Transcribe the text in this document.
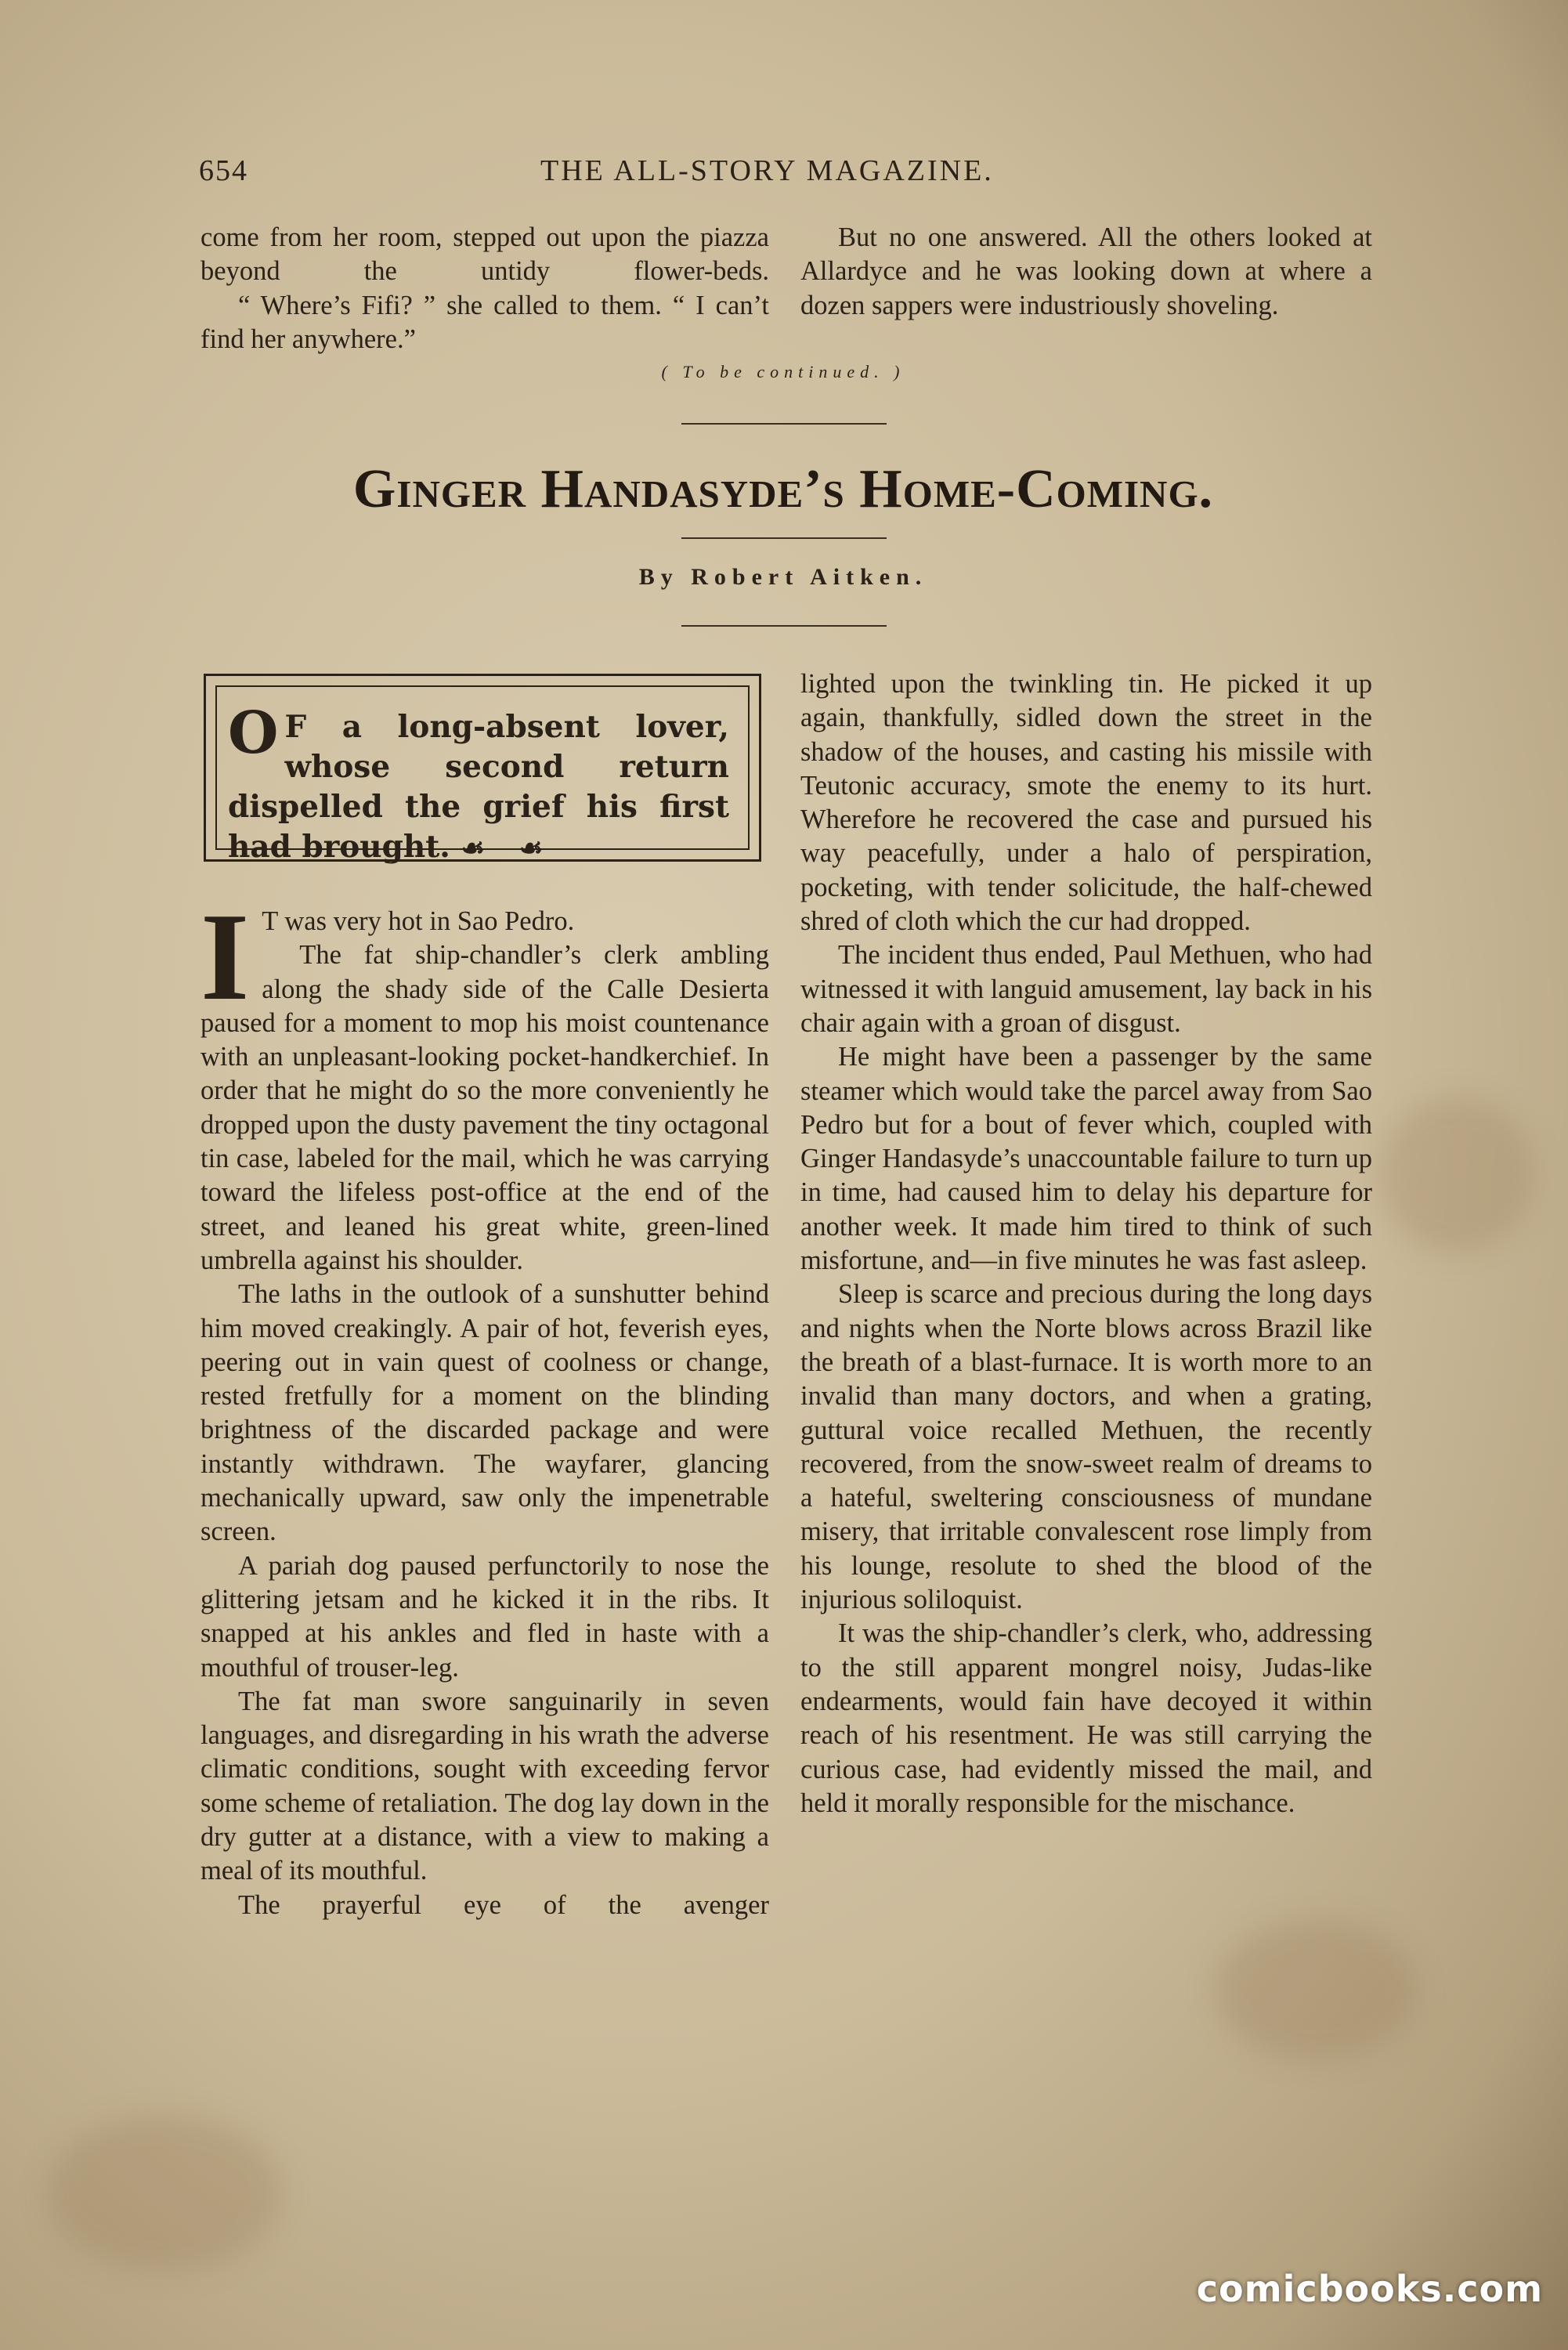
654	THE ALL-STORY MAGAZINE.

come from her room, stepped out upon the piazza beyond the untidy flower-beds.

“ Where’s Fifi? ” she called to them. “ I can’t find her anywhere.”

But no one answered. All the others looked at Allardyce and he was looking down at where a dozen sappers were industriously shoveling.

( To be continued. )
Ginger Handasyde’s Home-Coming.
By Robert Aitken.
O F a long-absent lover, whose second return dispelled the grief his first had brought. ☙ ☙
I T was very hot in Sao Pedro.

The fat ship-chandler’s clerk ambling along the shady side of the Calle Desierta paused for a moment to mop his moist countenance with an unpleasant-looking pocket-handkerchief. In order that he might do so the more conveniently he dropped upon the dusty pavement the tiny octagonal tin case, labeled for the mail, which he was carrying toward the lifeless post-office at the end of the street, and leaned his great white, green-lined umbrella against his shoulder.

The laths in the outlook of a sunshutter behind him moved creakingly. A pair of hot, feverish eyes, peering out in vain quest of coolness or change, rested fretfully for a moment on the blinding brightness of the discarded package and were instantly withdrawn. The wayfarer, glancing mechanically upward, saw only the impenetrable screen.

A pariah dog paused perfunctorily to nose the glittering jetsam and he kicked it in the ribs. It snapped at his ankles and fled in haste with a mouthful of trouser-leg.

The fat man swore sanguinarily in seven languages, and disregarding in his wrath the adverse climatic conditions, sought with exceeding fervor some scheme of retaliation. The dog lay down in the dry gutter at a distance, with a view to making a meal of its mouthful.

The prayerful eye of the avenger

lighted upon the twinkling tin. He picked it up again, thankfully, sidled down the street in the shadow of the houses, and casting his missile with Teutonic accuracy, smote the enemy to its hurt. Wherefore he recovered the case and pursued his way peacefully, under a halo of perspiration, pocketing, with tender solicitude, the half-chewed shred of cloth which the cur had dropped.

The incident thus ended, Paul Methuen, who had witnessed it with languid amusement, lay back in his chair again with a groan of disgust.

He might have been a passenger by the same steamer which would take the parcel away from Sao Pedro but for a bout of fever which, coupled with Ginger Handasyde’s unaccountable failure to turn up in time, had caused him to delay his departure for another week. It made him tired to think of such misfortune, and—in five minutes he was fast asleep.

Sleep is scarce and precious during the long days and nights when the Norte blows across Brazil like the breath of a blast-furnace. It is worth more to an invalid than many doctors, and when a grating, guttural voice recalled Methuen, the recently recovered, from the snow-sweet realm of dreams to a hateful, sweltering consciousness of mundane misery, that irritable convalescent rose limply from his lounge, resolute to shed the blood of the injurious soliloquist.

It was the ship-chandler’s clerk, who, addressing to the still apparent mongrel noisy, Judas-like endearments, would fain have decoyed it within reach of his resentment. He was still carrying the curious case, had evidently missed the mail, and held it morally responsible for the mischance.

comicbooks.com
